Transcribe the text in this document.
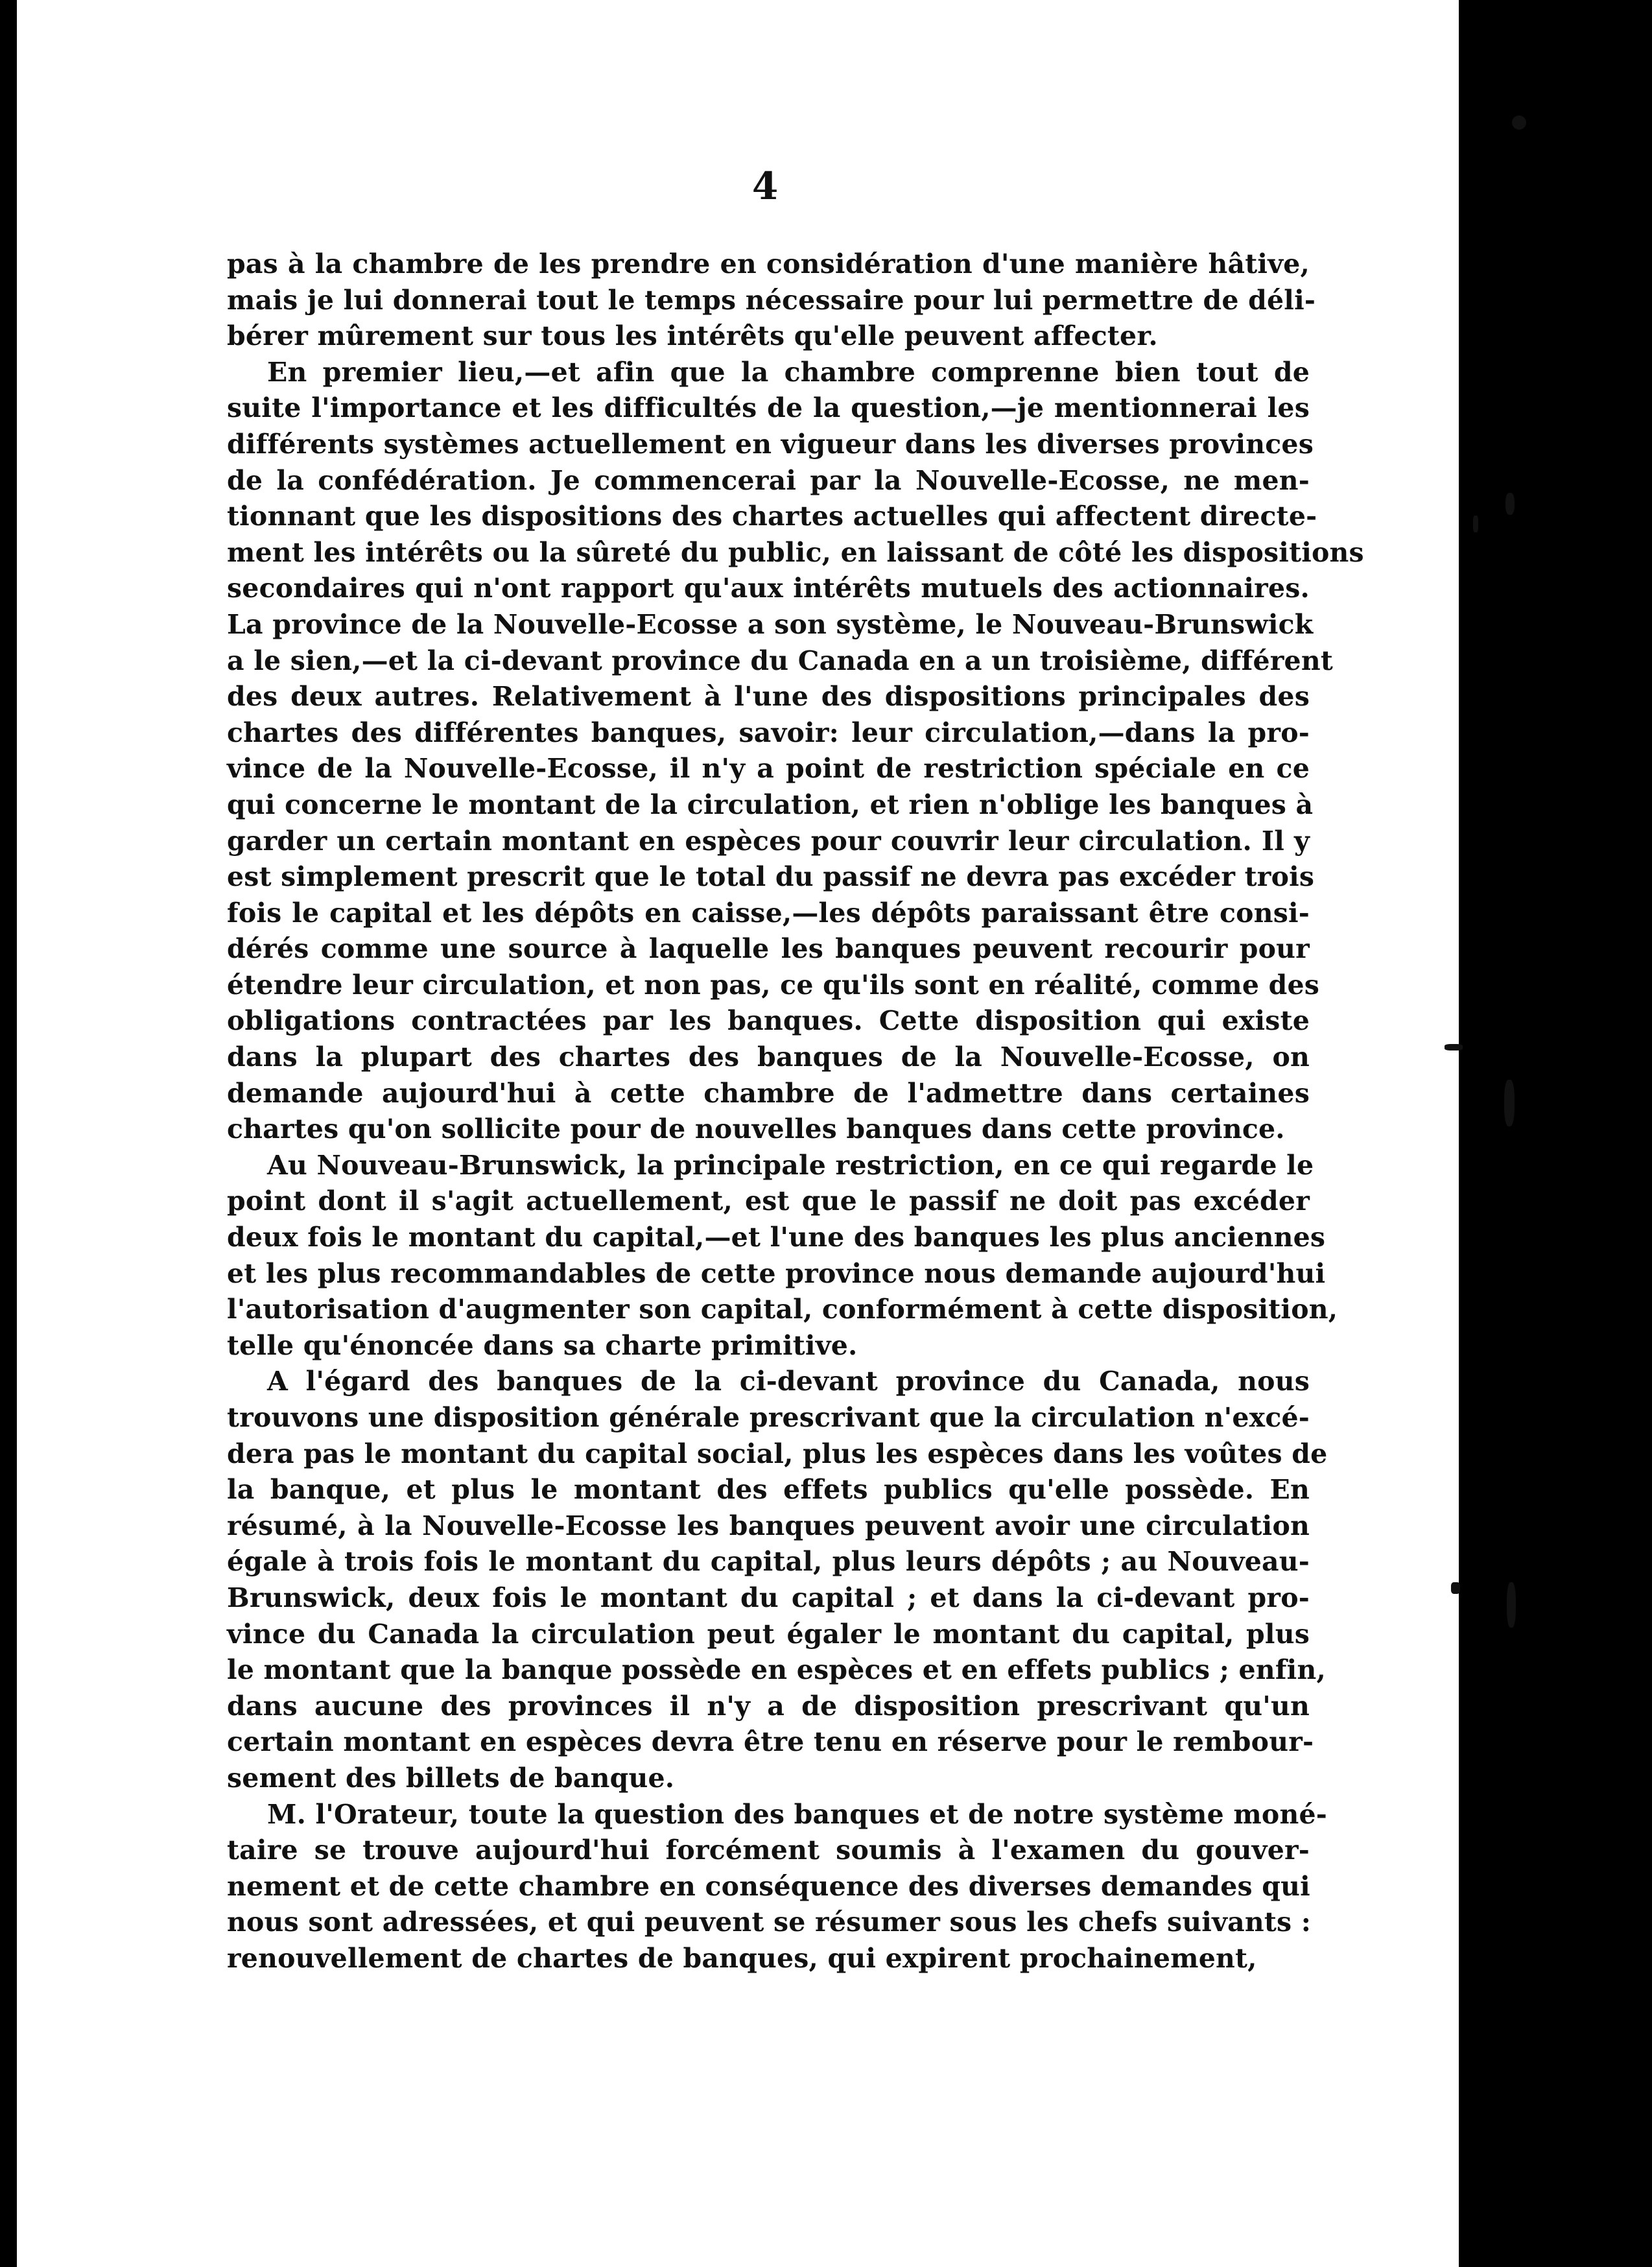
4
pas à la chambre de les prendre en considération d'une manière hâtive,
mais je lui donnerai tout le temps nécessaire pour lui permettre de déli-
bérer mûrement sur tous les intérêts qu'elle peuvent affecter.
En premier lieu,—et afin que la chambre comprenne bien tout de
suite l'importance et les difficultés de la question,—je mentionnerai les
différents systèmes actuellement en vigueur dans les diverses provinces
de la confédération. Je commencerai par la Nouvelle-Ecosse, ne men-
tionnant que les dispositions des chartes actuelles qui affectent directe-
ment les intérêts ou la sûreté du public, en laissant de côté les dispositions
secondaires qui n'ont rapport qu'aux intérêts mutuels des actionnaires.
La province de la Nouvelle-Ecosse a son système, le Nouveau-Brunswick
a le sien,—et la ci-devant province du Canada en a un troisième, différent
des deux autres. Relativement à l'une des dispositions principales des
chartes des différentes banques, savoir: leur circulation,—dans la pro-
vince de la Nouvelle-Ecosse, il n'y a point de restriction spéciale en ce
qui concerne le montant de la circulation, et rien n'oblige les banques à
garder un certain montant en espèces pour couvrir leur circulation. Il y
est simplement prescrit que le total du passif ne devra pas excéder trois
fois le capital et les dépôts en caisse,—les dépôts paraissant être consi-
dérés comme une source à laquelle les banques peuvent recourir pour
étendre leur circulation, et non pas, ce qu'ils sont en réalité, comme des
obligations contractées par les banques. Cette disposition qui existe
dans la plupart des chartes des banques de la Nouvelle-Ecosse, on
demande aujourd'hui à cette chambre de l'admettre dans certaines
chartes qu'on sollicite pour de nouvelles banques dans cette province.
Au Nouveau-Brunswick, la principale restriction, en ce qui regarde le
point dont il s'agit actuellement, est que le passif ne doit pas excéder
deux fois le montant du capital,—et l'une des banques les plus anciennes
et les plus recommandables de cette province nous demande aujourd'hui
l'autorisation d'augmenter son capital, conformément à cette disposition,
telle qu'énoncée dans sa charte primitive.
A l'égard des banques de la ci-devant province du Canada, nous
trouvons une disposition générale prescrivant que la circulation n'excé-
dera pas le montant du capital social, plus les espèces dans les voûtes de
la banque, et plus le montant des effets publics qu'elle possède. En
résumé, à la Nouvelle-Ecosse les banques peuvent avoir une circulation
égale à trois fois le montant du capital, plus leurs dépôts ; au Nouveau-
Brunswick, deux fois le montant du capital ; et dans la ci-devant pro-
vince du Canada la circulation peut égaler le montant du capital, plus
le montant que la banque possède en espèces et en effets publics ; enfin,
dans aucune des provinces il n'y a de disposition prescrivant qu'un
certain montant en espèces devra être tenu en réserve pour le rembour-
sement des billets de banque.
M. l'Orateur, toute la question des banques et de notre système moné-
taire se trouve aujourd'hui forcément soumis à l'examen du gouver-
nement et de cette chambre en conséquence des diverses demandes qui
nous sont adressées, et qui peuvent se résumer sous les chefs suivants :
renouvellement de chartes de banques, qui expirent prochainement,
